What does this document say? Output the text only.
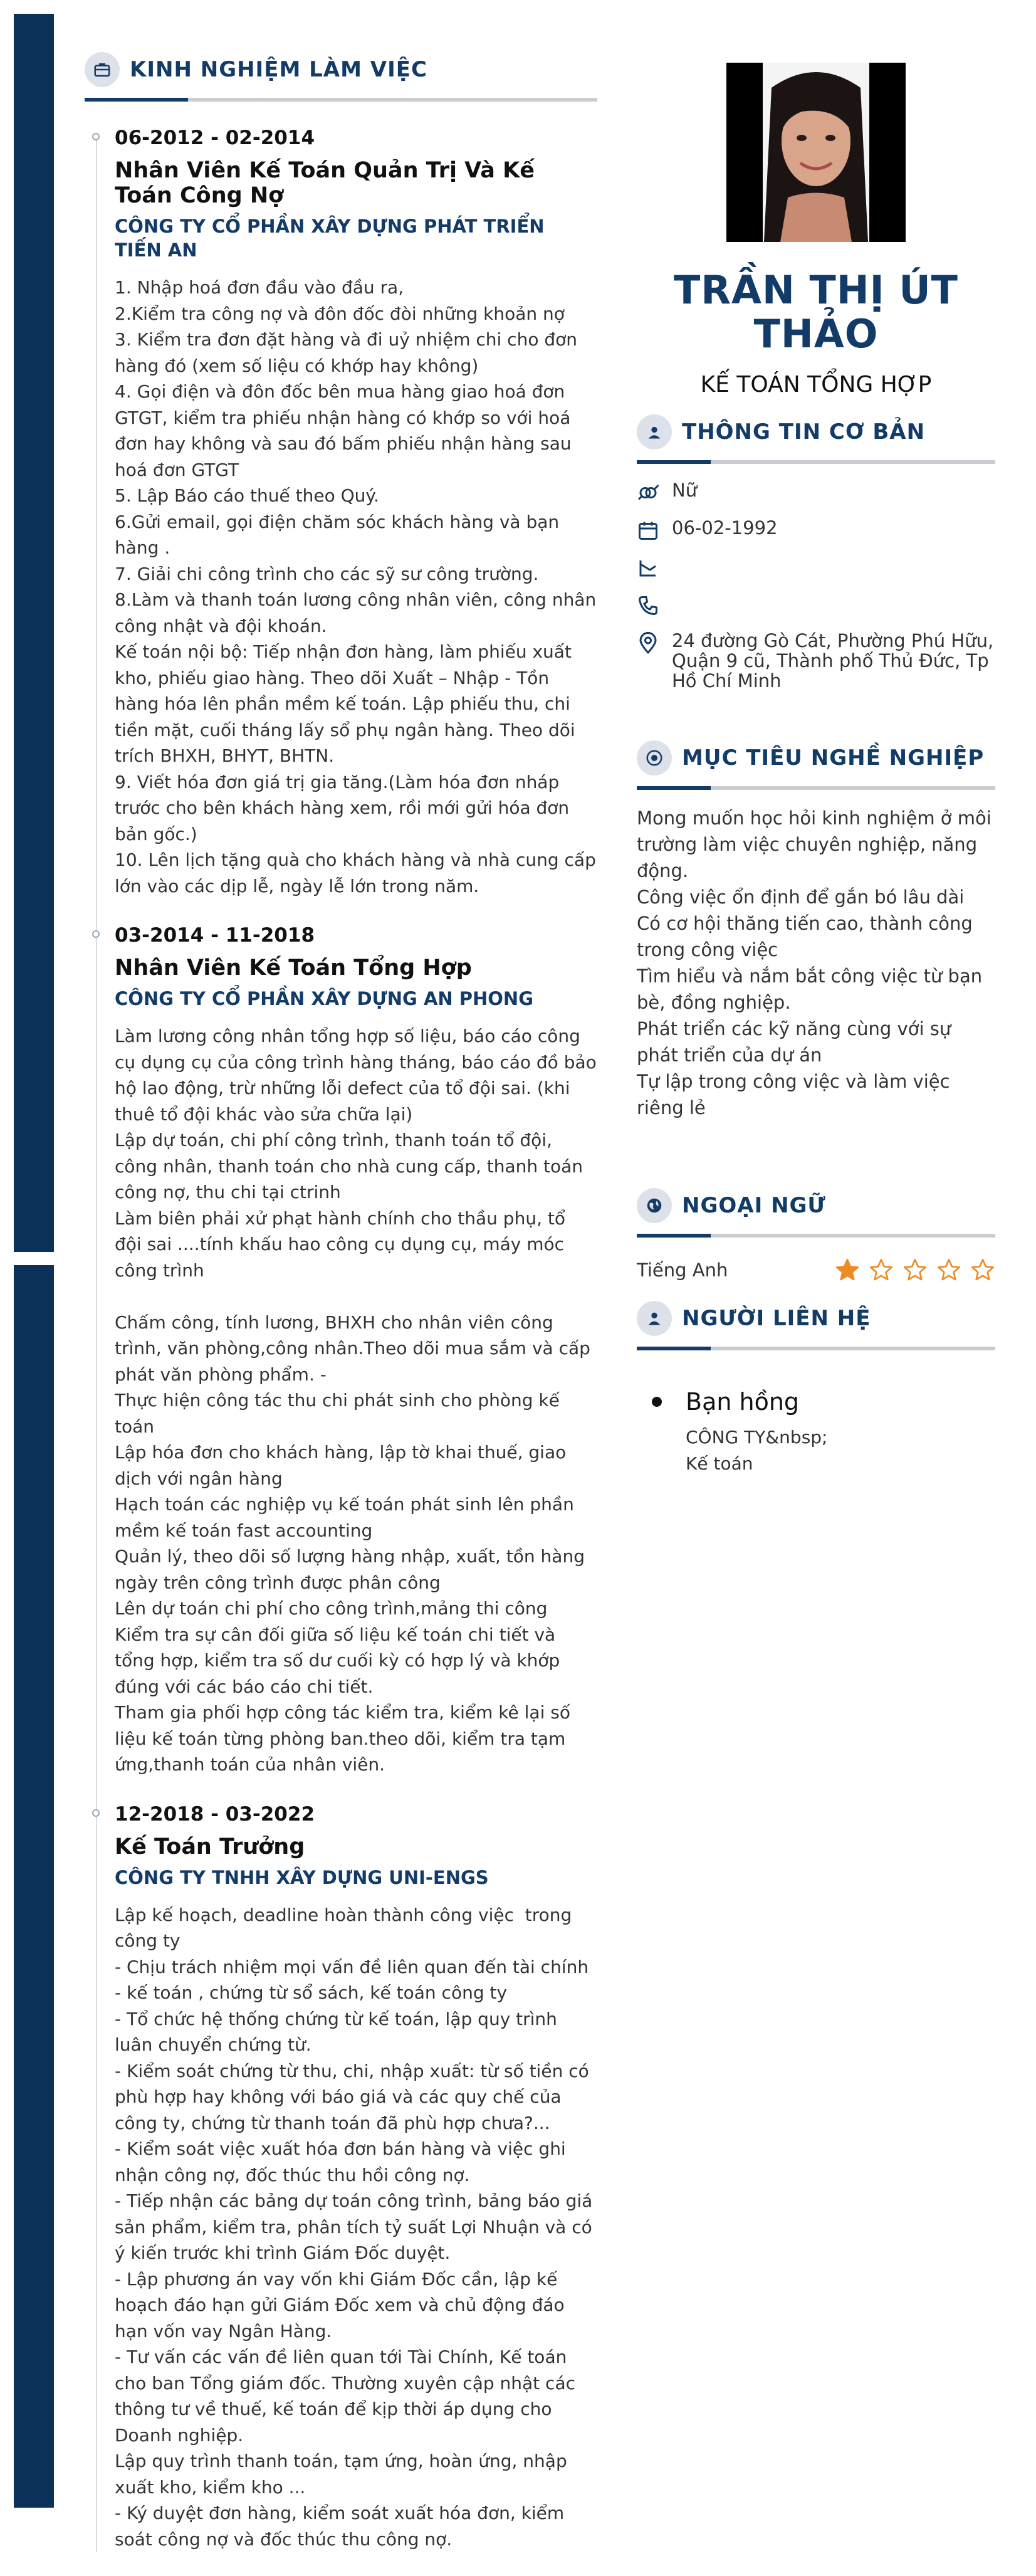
KINH NGHIỆM LÀM VIỆC
06-2012 - 02-2014
Nhân Viên Kế Toán Quản Trị Và Kế Toán Công Nợ
CÔNG TY CỔ PHẦN XÂY DỰNG PHÁT TRIỂN TIẾN AN
1. Nhập hoá đơn đầu vào đầu ra,
2.Kiểm tra công nợ và đôn đốc đòi những khoản nợ
3. Kiểm tra đơn đặt hàng và đi uỷ nhiệm chi cho đơn hàng đó (xem số liệu có khớp hay không)
4. Gọi điện và đôn đốc bên mua hàng giao hoá đơn GTGT, kiểm tra phiếu nhận hàng có khớp so với hoá đơn hay không và sau đó bấm phiếu nhận hàng sau hoá đơn GTGT
5. Lập Báo cáo thuế theo Quý.
6.Gửi email, gọi điện chăm sóc khách hàng và bạn hàng .
7. Giải chi công trình cho các sỹ sư công trường.
8.Làm và thanh toán lương công nhân viên, công nhân công nhật và đội khoán.
Kế toán nội bộ: Tiếp nhận đơn hàng, làm phiếu xuất kho, phiếu giao hàng. Theo dõi Xuất – Nhập - Tồn hàng hóa lên phần mềm kế toán. Lập phiếu thu, chi tiền mặt, cuối tháng lấy sổ phụ ngân hàng. Theo dõi trích BHXH, BHYT, BHTN.
9. Viết hóa đơn giá trị gia tăng.(Làm hóa đơn nháp trước cho bên khách hàng xem, rồi mới gửi hóa đơn bản gốc.)
10. Lên lịch tặng quà cho khách hàng và nhà cung cấp lớn vào các dịp lễ, ngày lễ lớn trong năm.
03-2014 - 11-2018
Nhân Viên Kế Toán Tổng Hợp
CÔNG TY CỔ PHẦN XÂY DỰNG AN PHONG
Làm lương công nhân tổng hợp số liệu, báo cáo công cụ dụng cụ của công trình hàng tháng, báo cáo đồ bảo hộ lao động, trừ những lỗi defect của tổ đội sai. (khi thuê tổ đội khác vào sửa chữa lại)
Lập dự toán, chi phí công trình, thanh toán tổ đội, công nhân, thanh toán cho nhà cung cấp, thanh toán công nợ, thu chi tại ctrinh
Làm biên phải xử phạt hành chính cho thầu phụ, tổ đội sai ....tính khấu hao công cụ dụng cụ, máy móc công trình
Chấm công, tính lương, BHXH cho nhân viên công trình, văn phòng,công nhân.Theo dõi mua sắm và cấp phát văn phòng phẩm. -
Thực hiện công tác thu chi phát sinh cho phòng kế toán
Lập hóa đơn cho khách hàng, lập tờ khai thuế, giao dịch với ngân hàng
Hạch toán các nghiệp vụ kế toán phát sinh lên phần mềm kế toán fast accounting
Quản lý, theo dõi số lượng hàng nhập, xuất, tồn hàng ngày trên công trình được phân công
Lên dự toán chi phí cho công trình,mảng thi công
Kiểm tra sự cân đối giữa số liệu kế toán chi tiết và tổng hợp, kiểm tra số dư cuối kỳ có hợp lý và khớp đúng với các báo cáo chi tiết.
Tham gia phối hợp công tác kiểm tra, kiểm kê lại số liệu kế toán từng phòng ban.theo dõi, kiểm tra tạm ứng,thanh toán của nhân viên.
12-2018 - 03-2022
Kế Toán Trưởng
CÔNG TY TNHH XÂY DỰNG UNI-ENGS
Lập kế hoạch, deadline hoàn thành công việc  trong công ty
- Chịu trách nhiệm mọi vấn đề liên quan đến tài chính - kế toán , chứng từ sổ sách, kế toán công ty
- Tổ chức hệ thống chứng từ kế toán, lập quy trình luân chuyển chứng từ.
- Kiểm soát chứng từ thu, chi, nhập xuất: từ số tiền có phù hợp hay không với báo giá và các quy chế của công ty, chứng từ thanh toán đã phù hợp chưa?...
- Kiểm soát việc xuất hóa đơn bán hàng và việc ghi nhận công nợ, đốc thúc thu hồi công nợ.
- Tiếp nhận các bảng dự toán công trình, bảng báo giá sản phẩm, kiểm tra, phân tích tỷ suất Lợi Nhuận và có ý kiến trước khi trình Giám Đốc duyệt.
- Lập phương án vay vốn khi Giám Đốc cần, lập kế hoạch đáo hạn gửi Giám Đốc xem và chủ động đáo hạn vốn vay Ngân Hàng.
- Tư vấn các vấn đề liên quan tới Tài Chính, Kế toán cho ban Tổng giám đốc. Thường xuyên cập nhật các thông tư về thuế, kế toán để kịp thời áp dụng cho Doanh nghiệp.
Lập quy trình thanh toán, tạm ứng, hoàn ứng, nhập xuất kho, kiểm kho ...
- Ký duyệt đơn hàng, kiểm soát xuất hóa đơn, kiểm soát công nợ và đốc thúc thu công nợ.
TRẦN THỊ ÚT THẢO
KẾ TOÁN TỔNG HỢP
THÔNG TIN CƠ BẢN
Nữ
06-02-1992
24 đường Gò Cát, Phường Phú Hữu, Quận 9 cũ, Thành phố Thủ Đức, Tp Hồ Chí Minh
MỤC TIÊU NGHỀ NGHIỆP
Mong muốn học hỏi kinh nghiệm ở môi trường làm việc chuyên nghiệp, năng động.
Công việc ổn định để gắn bó lâu dài
Có cơ hội thăng tiến cao, thành công trong công việc
Tìm hiểu và nắm bắt công việc từ bạn bè, đồng nghiệp.
Phát triển các kỹ năng cùng với sự phát triển của dự án
Tự lập trong công việc và làm việc riêng lẻ
NGOẠI NGỮ
Tiếng Anh
NGƯỜI LIÊN HỆ
Bạn hồng
CÔNG TY&nbsp;
Kế toán
